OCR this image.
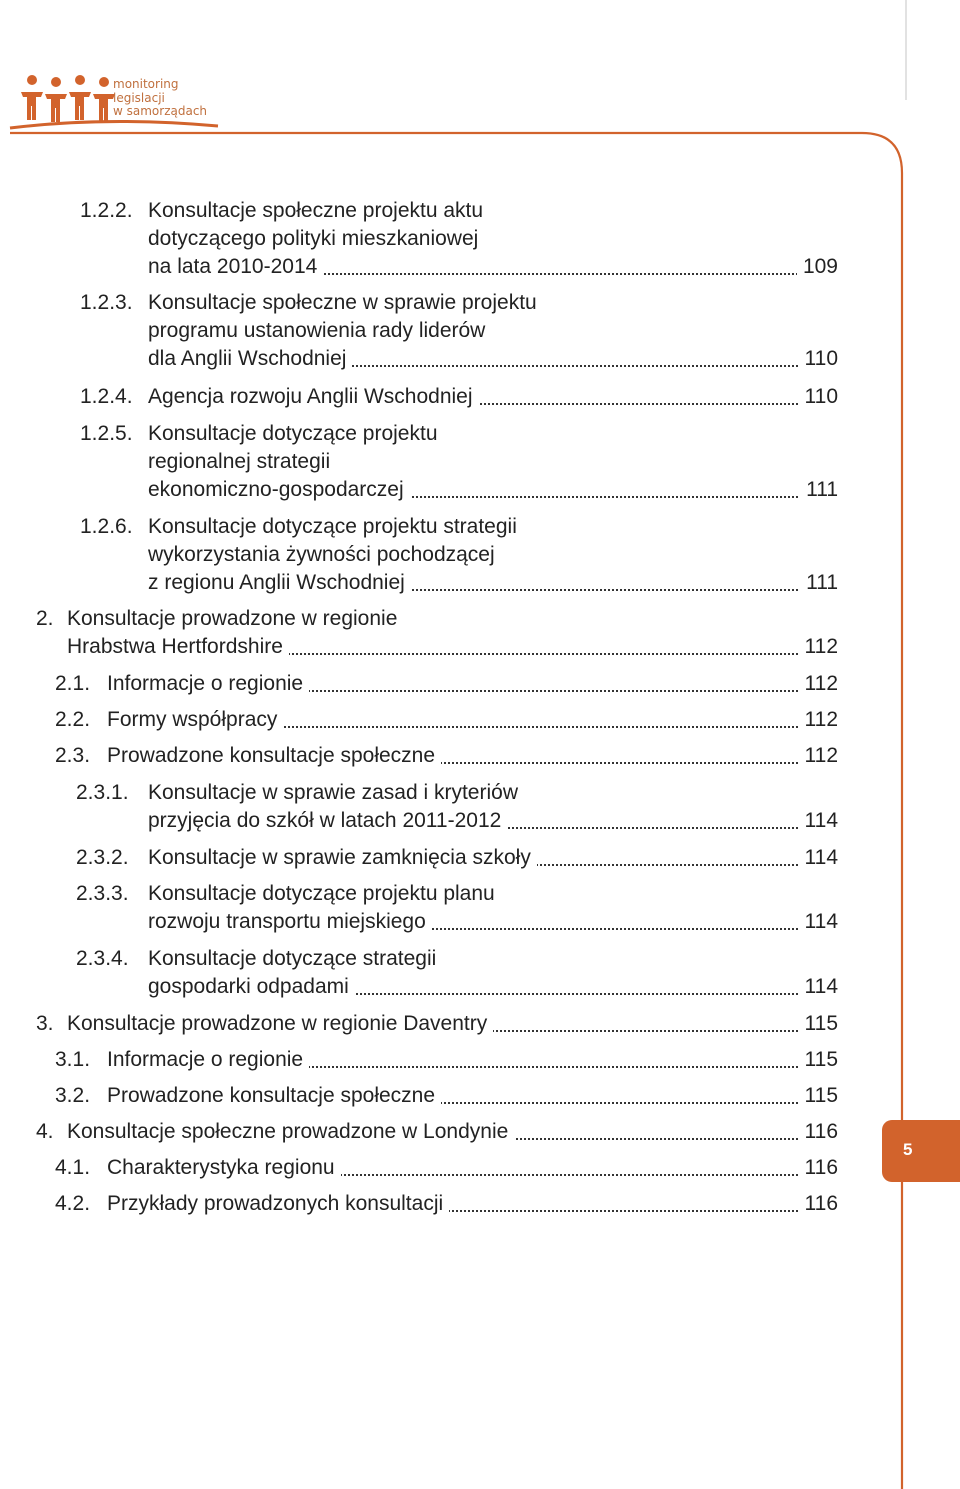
monitoring
legislacji
w samorządach
1.2.2. Konsultacje społeczne projektu aktu
dotyczącego polityki mieszkaniowej
na lata 2010-2014	109
1.2.3. Konsultacje społeczne w sprawie projektu
programu ustanowienia rady liderów
dla Anglii Wschodniej	110
1.2.4. Agencja rozwoju Anglii Wschodniej	110
1.2.5. Konsultacje dotyczące projektu
regionalnej strategii
ekonomiczno-gospodarczej	111
1.2.6. Konsultacje dotyczące projektu strategii
wykorzystania żywności pochodzącej
z regionu Anglii Wschodniej	111
2. Konsultacje prowadzone w regionie
Hrabstwa Hertfordshire	112
2.1. Informacje o regionie	112
2.2. Formy współpracy	112
2.3. Prowadzone konsultacje społeczne	112
2.3.1. Konsultacje w sprawie zasad i kryteriów
przyjęcia do szkół w latach 2011-2012	114
2.3.2. Konsultacje w sprawie zamknięcia szkoły	114
2.3.3. Konsultacje dotyczące projektu planu
rozwoju transportu miejskiego	114
2.3.4. Konsultacje dotyczące strategii
gospodarki odpadami	114
3. Konsultacje prowadzone w regionie Daventry	115
3.1. Informacje o regionie	115
3.2. Prowadzone konsultacje społeczne	115
4. Konsultacje społeczne prowadzone w Londynie	116
4.1. Charakterystyka regionu	116
4.2. Przykłady prowadzonych konsultacji	116
5
